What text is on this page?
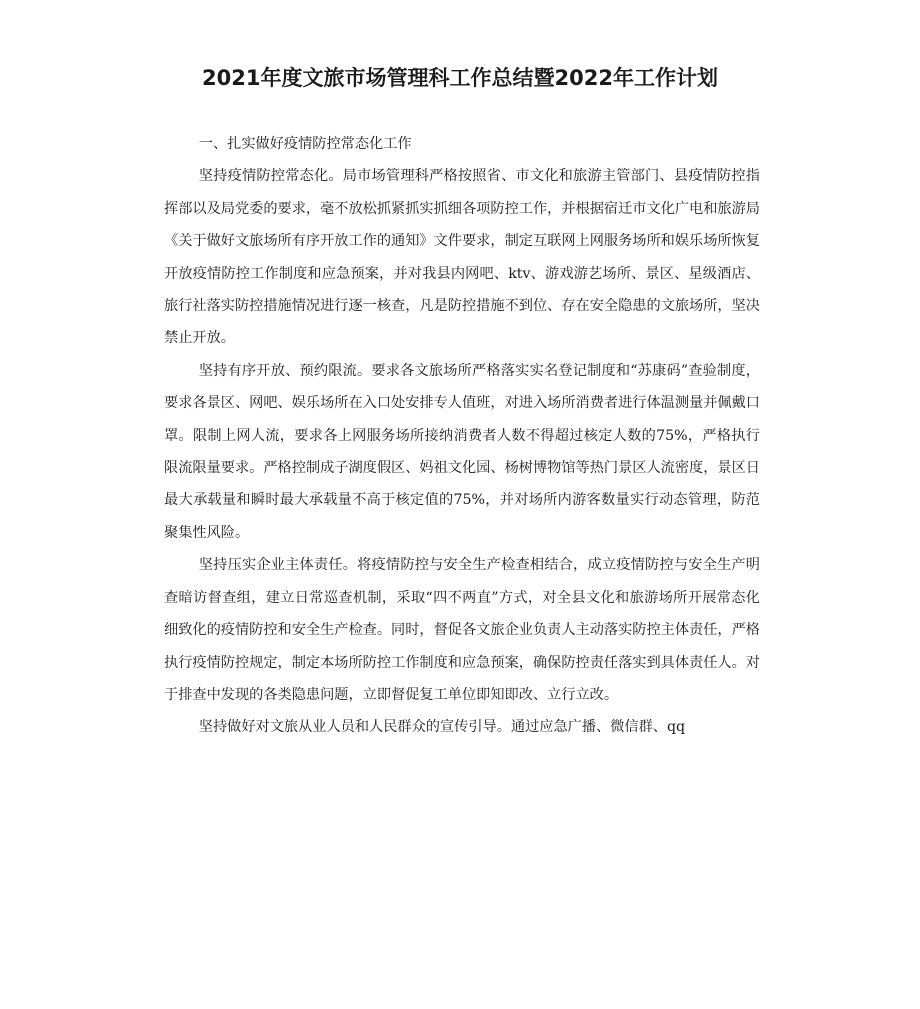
2021年度文旅市场管理科工作总结暨2022年工作计划

一、扎实做好疫情防控常态化工作

坚持疫情防控常态化。局市场管理科严格按照省、市文化和旅游主管部门、县疫情防控指挥部以及局党委的要求，毫不放松抓紧抓实抓细各项防控工作，并根据宿迁市文化广电和旅游局《关于做好文旅场所有序开放工作的通知》文件要求，制定互联网上网服务场所和娱乐场所恢复开放疫情防控工作制度和应急预案，并对我县内网吧、ktv、游戏游艺场所、景区、星级酒店、旅行社落实防控措施情况进行逐一核查，凡是防控措施不到位、存在安全隐患的文旅场所，坚决禁止开放。

坚持有序开放、预约限流。要求各文旅场所严格落实实名登记制度和“苏康码”查验制度，要求各景区、网吧、娱乐场所在入口处安排专人值班，对进入场所消费者进行体温测量并佩戴口罩。限制上网人流，要求各上网服务场所接纳消费者人数不得超过核定人数的75%，严格执行限流限量要求。严格控制成子湖度假区、妈祖文化园、杨树博物馆等热门景区人流密度，景区日最大承载量和瞬时最大承载量不高于核定值的75%，并对场所内游客数量实行动态管理，防范聚集性风险。

坚持压实企业主体责任。将疫情防控与安全生产检查相结合，成立疫情防控与安全生产明查暗访督查组，建立日常巡查机制，采取“四不两直”方式，对全县文化和旅游场所开展常态化细致化的疫情防控和安全生产检查。同时，督促各文旅企业负责人主动落实防控主体责任，严格执行疫情防控规定，制定本场所防控工作制度和应急预案，确保防控责任落实到具体责任人。对于排查中发现的各类隐患问题，立即督促复工单位即知即改、立行立改。

坚持做好对文旅从业人员和人民群众的宣传引导。通过应急广播、微信群、qq
